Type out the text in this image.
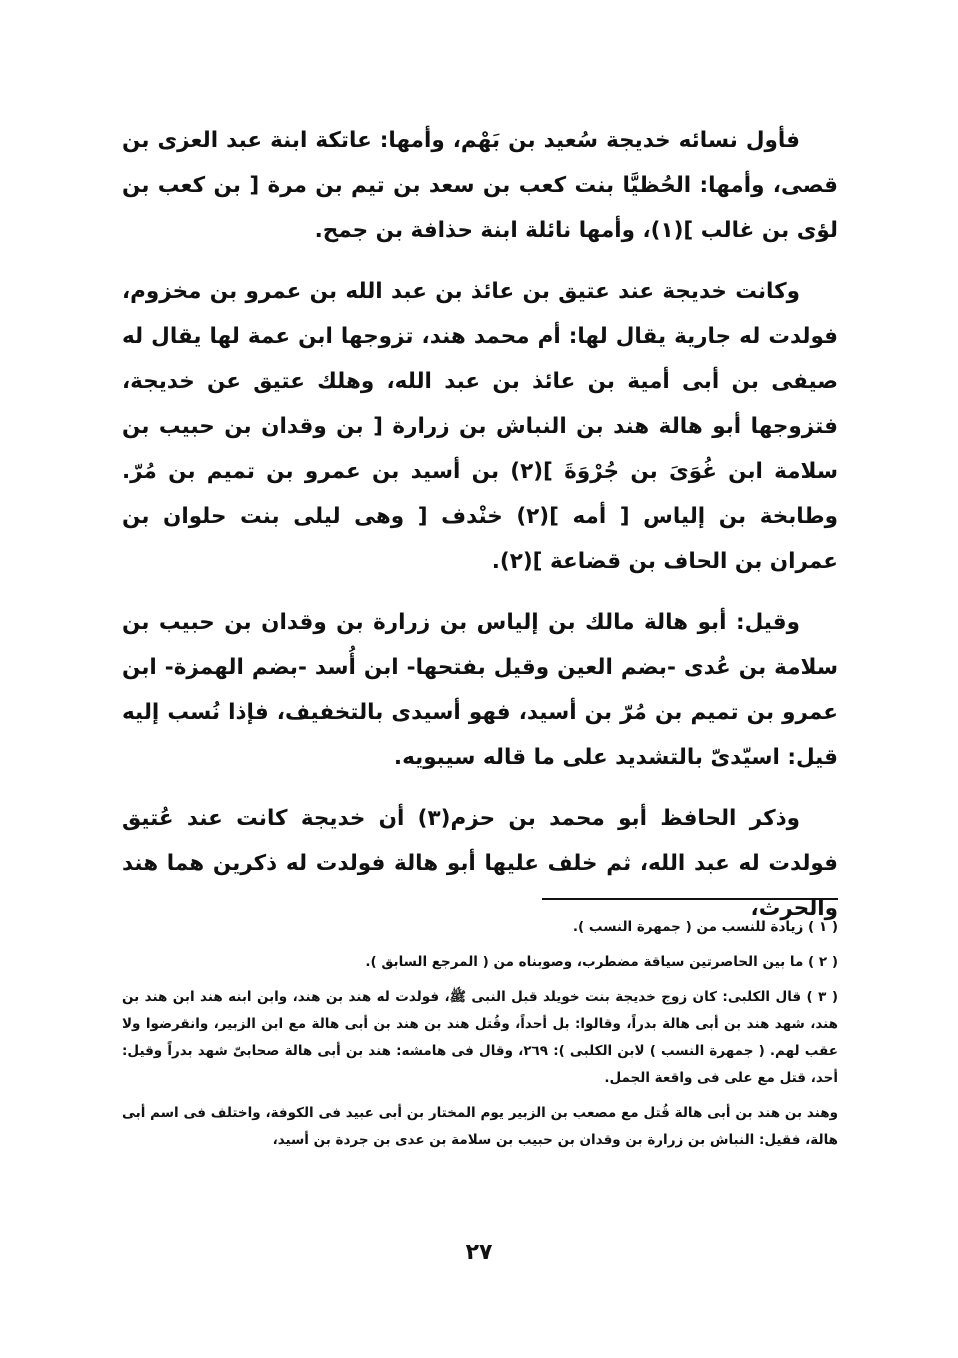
فأول نسائه خديجة سُعيد بن بَهْم، وأمها: عاتكة ابنة عبد العزى بن قصى، وأمها: الحُظيَّا بنت كعب بن سعد بن تيم بن مرة [ بن كعب بن لؤى بن غالب ](١)، وأمها نائلة ابنة حذافة بن جمح.

وكانت خديجة عند عتيق بن عائذ بن عبد الله بن عمرو بن مخزوم، فولدت له جارية يقال لها: أم محمد هند، تزوجها ابن عمة لها يقال له صيفى بن أبى أمية بن عائذ بن عبد الله، وهلك عتيق عن خديجة، فتزوجها أبو هالة هند بن النباش بن زرارة [ بن وقدان بن حبيب بن سلامة ابن غُوَىَ بن جُرْوَةَ ](٢) بن أسيد بن عمرو بن تميم بن مُرّ. وطابخة بن إلياس [ أمه ](٢) خنْدف [ وهى ليلى بنت حلوان بن عمران بن الحاف بن قضاعة ](٢).

وقيل: أبو هالة مالك بن إلياس بن زرارة بن وقدان بن حبيب بن سلامة بن عُدى -بضم العين وقيل بفتحها- ابن أُسد -بضم الهمزة- ابن عمرو بن تميم بن مُرّ بن أسيد، فهو أسيدى بالتخفيف، فإذا نُسب إليه قيل: اسيّدىّ بالتشديد على ما قاله سيبويه.

وذكر الحافظ أبو محمد بن حزم(٣) أن خديجة كانت عند عُتيق فولدت له عبد الله، ثم خلف عليها أبو هالة فولدت له ذكرين هما هند والحرث،

( ١ ) زيادة للنسب من ( جمهرة النسب ).

( ٢ ) ما بين الحاصرتين سياقة مضطرب، وصوبناه من ( المرجع السابق ).

( ٣ ) قال الكلبى: كان زوج خديجة بنت خويلد قبل النبى ﷺ، فولدت له هند بن هند، وابن ابنه هند ابن هند بن هند، شهد هند بن أبى هالة بدراً، وقالوا: بل أحداً، وقُتل هند بن هند بن أبى هالة مع ابن الزبير، وانقرضوا ولا عقب لهم. ( جمهرة النسب ) لابن الكلبى ): ٢٦٩، وقال فى هامشه: هند بن أبى هالة صحابىّ شهد بدراً وقيل: أحد، قتل مع على فى واقعة الجمل.

وهند بن هند بن أبى هالة قُتل مع مصعب بن الزبير يوم المختار بن أبى عبيد فى الكوفة، واختلف فى اسم أبى هالة، فقيل: النباش بن زرارة بن وقدان بن حبيب بن سلامة بن عدى بن جردة بن أسيد،

٢٧
